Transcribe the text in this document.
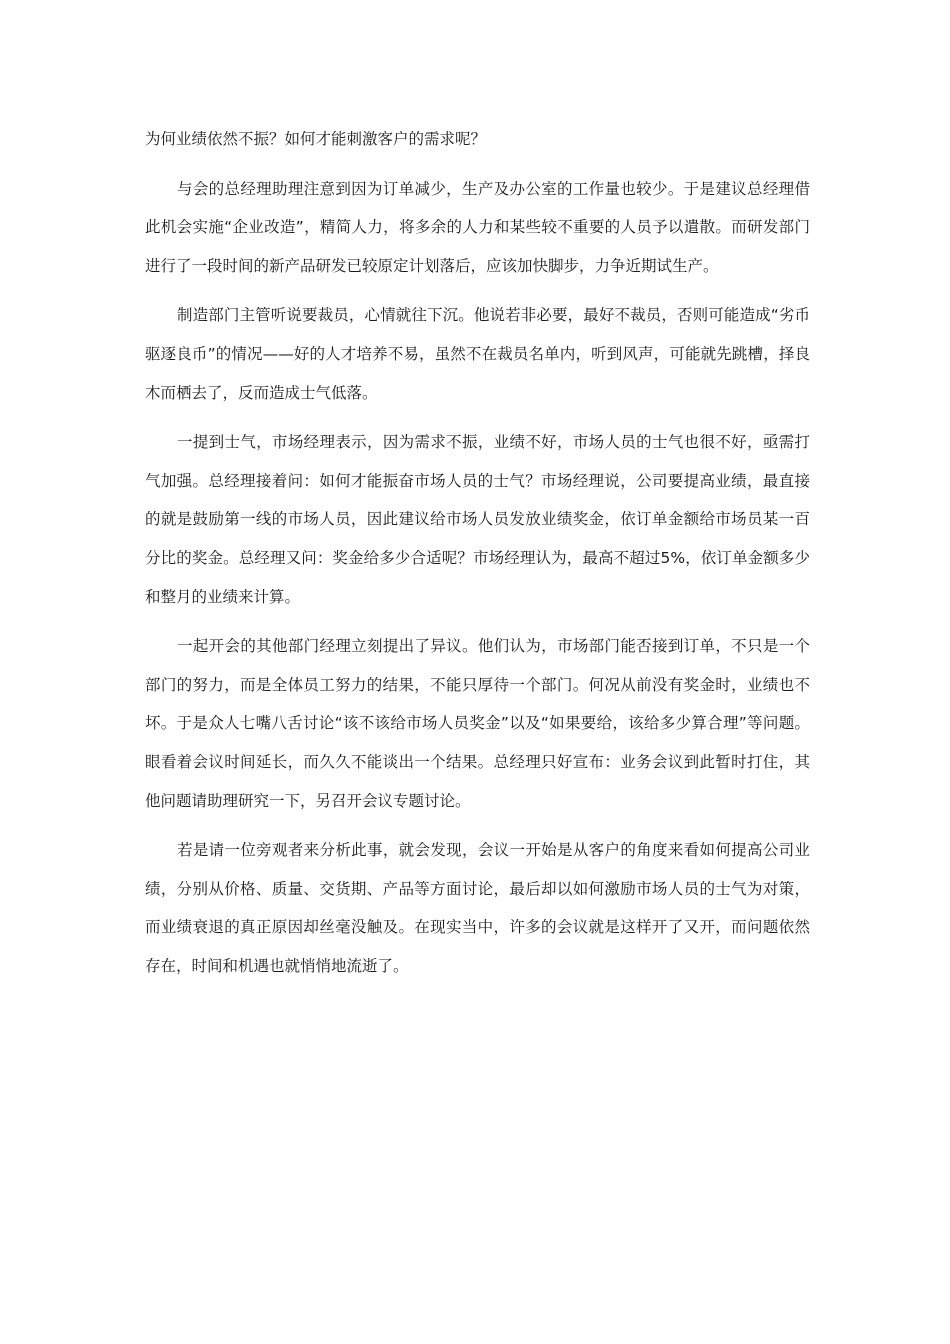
为何业绩依然不振？如何才能刺激客户的需求呢？

与会的总经理助理注意到因为订单减少，生产及办公室的工作量也较少。于是建议总经理借此机会实施“企业改造”，精简人力，将多余的人力和某些较不重要的人员予以遣散。而研发部门进行了一段时间的新产品研发已较原定计划落后，应该加快脚步，力争近期试生产。

制造部门主管听说要裁员，心情就往下沉。他说若非必要，最好不裁员，否则可能造成“劣币驱逐良币”的情况——好的人才培养不易，虽然不在裁员名单内，听到风声，可能就先跳槽，择良木而栖去了，反而造成士气低落。

一提到士气，市场经理表示，因为需求不振，业绩不好，市场人员的士气也很不好，亟需打气加强。总经理接着问：如何才能振奋市场人员的士气？市场经理说，公司要提高业绩，最直接的就是鼓励第一线的市场人员，因此建议给市场人员发放业绩奖金，依订单金额给市场员某一百分比的奖金。总经理又问：奖金给多少合适呢？市场经理认为，最高不超过5%，依订单金额多少和整月的业绩来计算。

一起开会的其他部门经理立刻提出了异议。他们认为，市场部门能否接到订单，不只是一个部门的努力，而是全体员工努力的结果，不能只厚待一个部门。何况从前没有奖金时，业绩也不坏。于是众人七嘴八舌讨论“该不该给市场人员奖金”以及“如果要给，该给多少算合理”等问题。眼看着会议时间延长，而久久不能谈出一个结果。总经理只好宣布：业务会议到此暂时打住，其他问题请助理研究一下，另召开会议专题讨论。

若是请一位旁观者来分析此事，就会发现，会议一开始是从客户的角度来看如何提高公司业绩，分别从价格、质量、交货期、产品等方面讨论，最后却以如何激励市场人员的士气为对策，而业绩衰退的真正原因却丝毫没触及。在现实当中，许多的会议就是这样开了又开，而问题依然存在，时间和机遇也就悄悄地流逝了。
